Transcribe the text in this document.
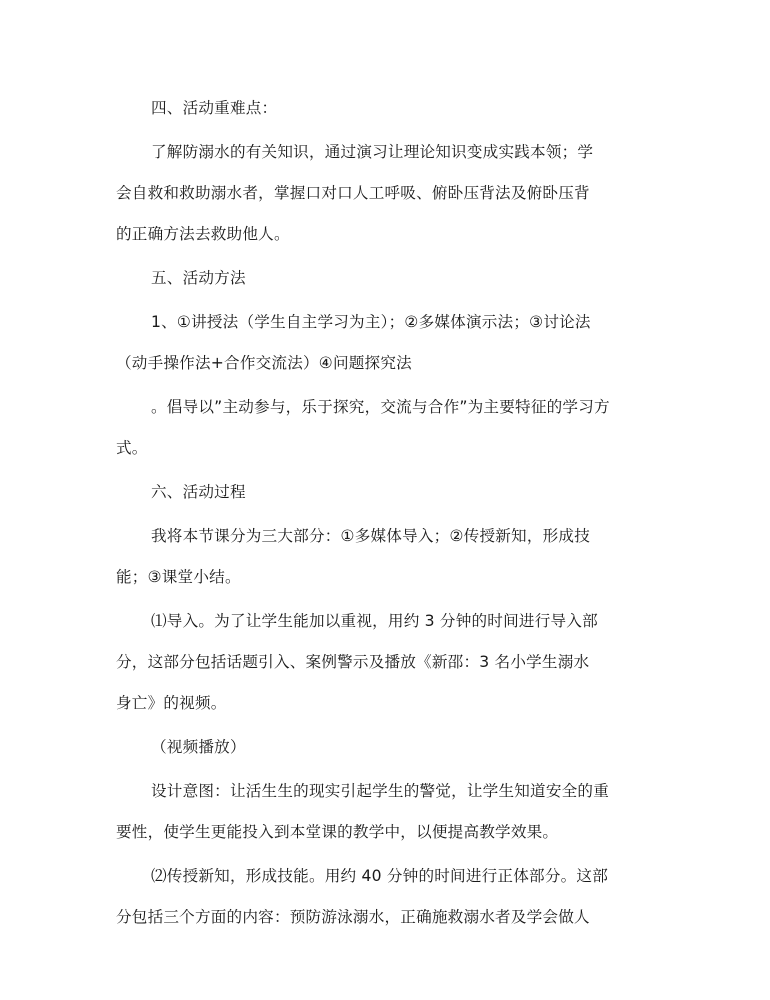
四、活动重难点：

了解防溺水的有关知识，通过演习让理论知识变成实践本领；学
会自救和救助溺水者，掌握口对口人工呼吸、俯卧压背法及俯卧压背
的正确方法去救助他人。

五、活动方法

1、①讲授法（学生自主学习为主）；②多媒体演示法；③讨论法
（动手操作法+合作交流法）④问题探究法

。倡导以”主动参与，乐于探究，交流与合作”为主要特征的学习方
式。

六、活动过程

我将本节课分为三大部分：①多媒体导入；②传授新知，形成技
能；③课堂小结。

⑴导入。为了让学生能加以重视，用约 3 分钟的时间进行导入部
分，这部分包括话题引入、案例警示及播放《新邵：3 名小学生溺水
身亡》的视频。

（视频播放）

设计意图：让活生生的现实引起学生的警觉，让学生知道安全的重
要性，使学生更能投入到本堂课的教学中，以便提高教学效果。

⑵传授新知，形成技能。用约 40 分钟的时间进行正体部分。这部
分包括三个方面的内容：预防游泳溺水，正确施救溺水者及学会做人
